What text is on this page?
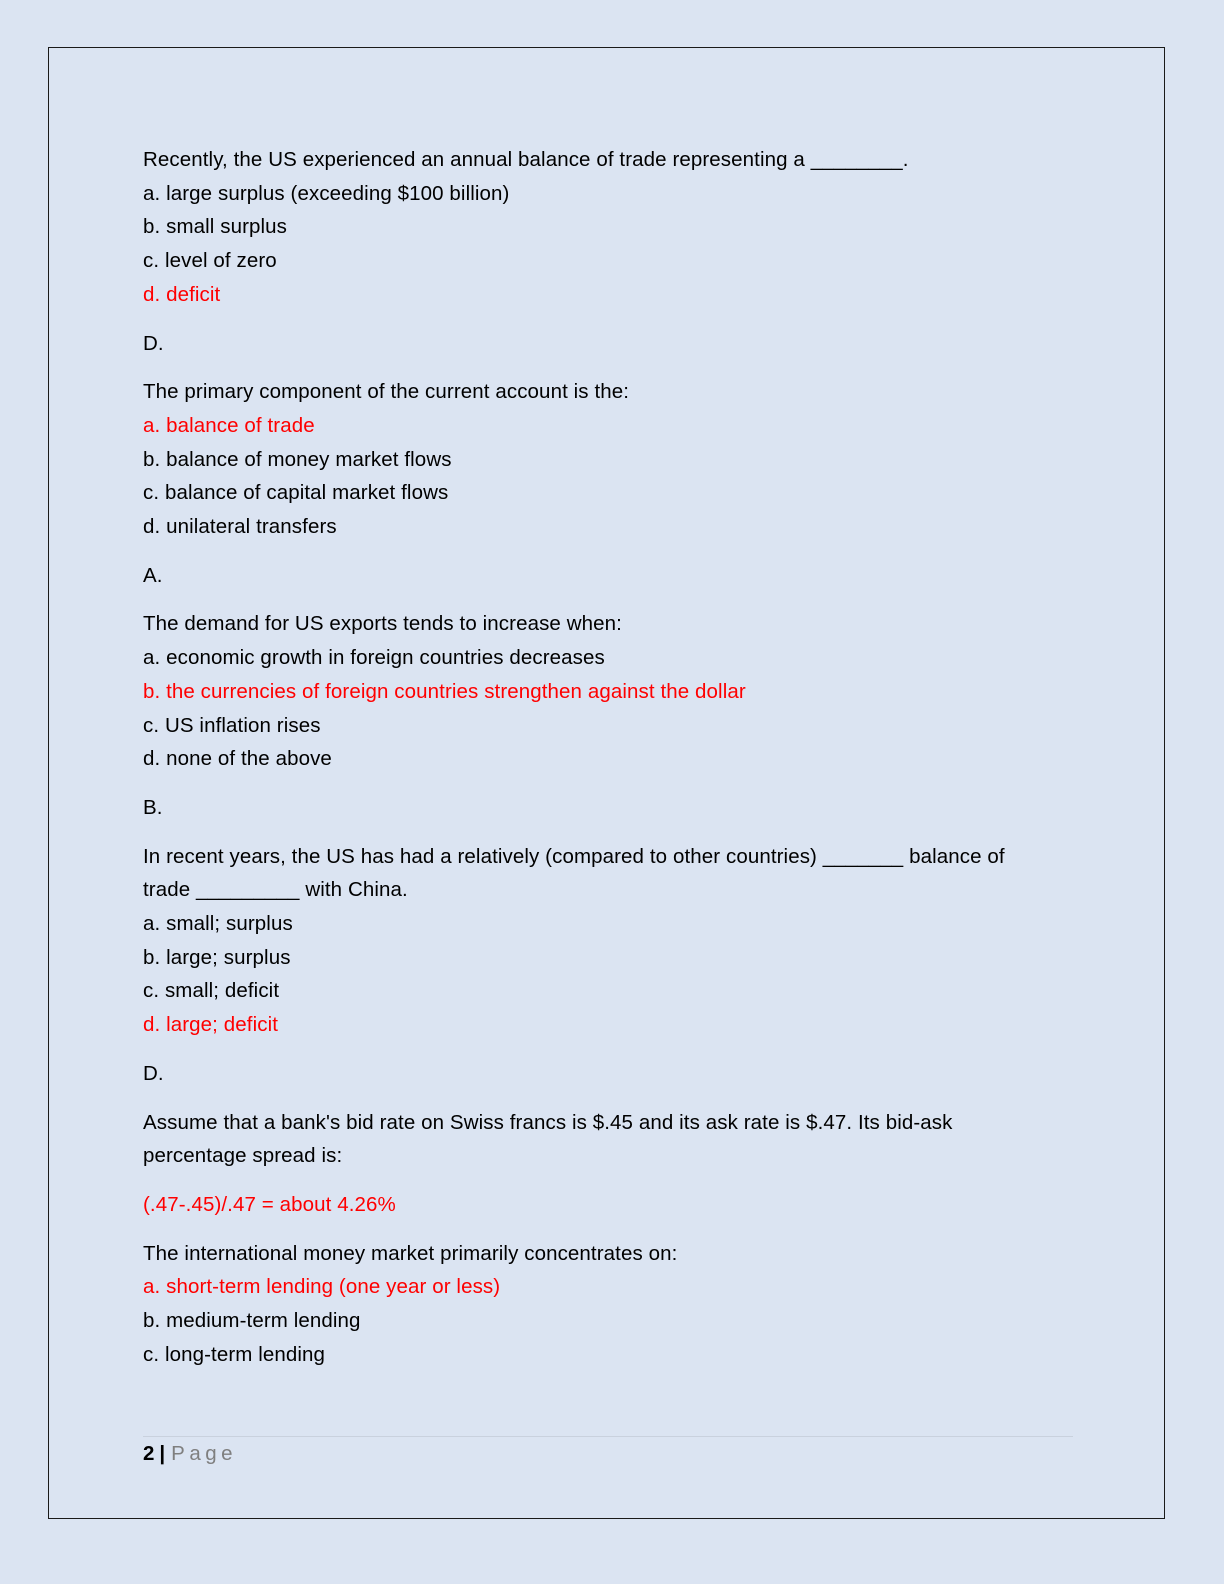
Recently, the US experienced an annual balance of trade representing a ________.
a. large surplus (exceeding $100 billion)
b. small surplus
c. level of zero
d. deficit
D.
The primary component of the current account is the:
a. balance of trade
b. balance of money market flows
c. balance of capital market flows
d. unilateral transfers
A.
The demand for US exports tends to increase when:
a. economic growth in foreign countries decreases
b. the currencies of foreign countries strengthen against the dollar
c. US inflation rises
d. none of the above
B.
In recent years, the US has had a relatively (compared to other countries) _______ balance of
trade _________ with China.
a. small; surplus
b. large; surplus
c. small; deficit
d. large; deficit
D.
Assume that a bank's bid rate on Swiss francs is $.45 and its ask rate is $.47. Its bid-ask
percentage spread is:
(.47-.45)/.47 = about 4.26%
The international money market primarily concentrates on:
a. short-term lending (one year or less)
b. medium-term lending
c. long-term lending
2 | Page
